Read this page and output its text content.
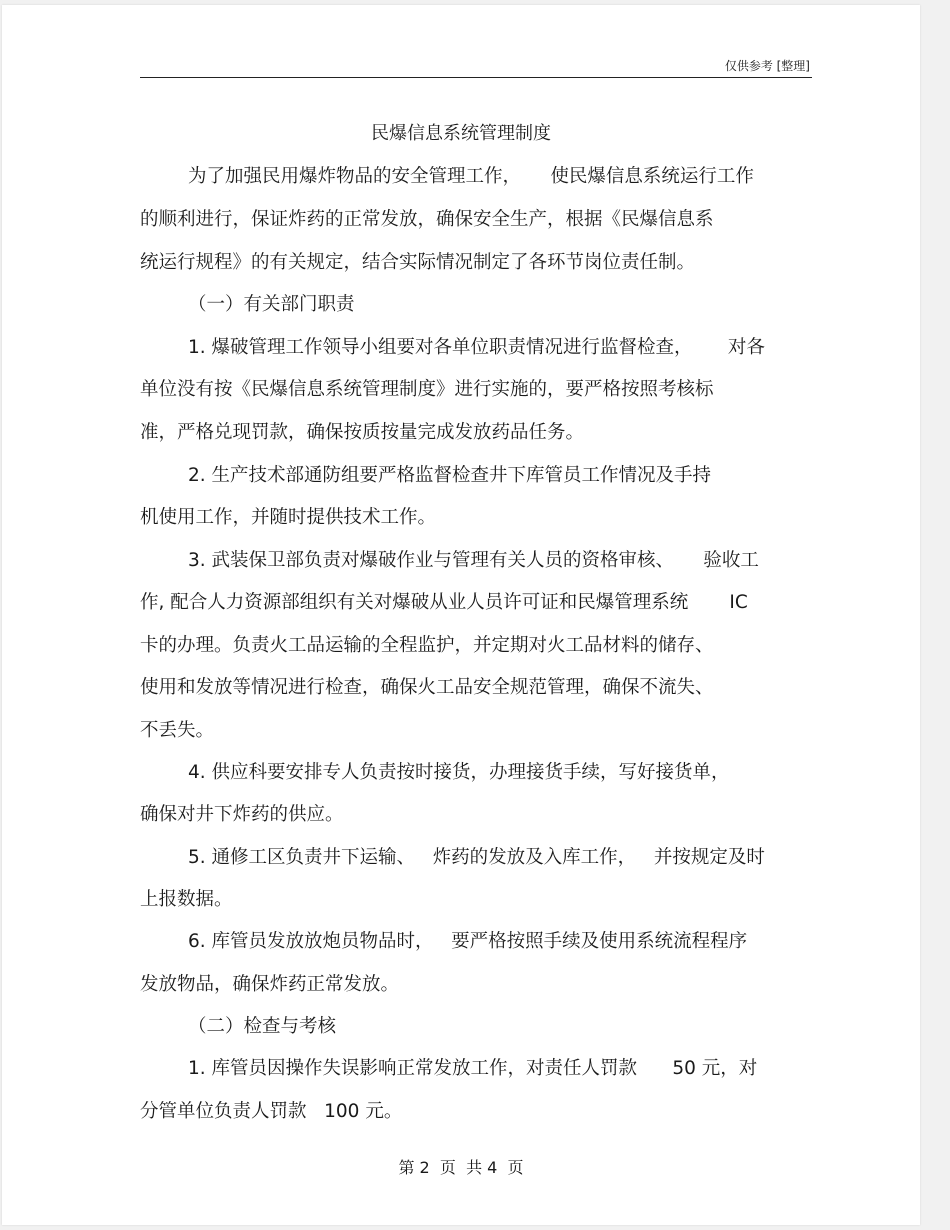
仅供参考 [整理]
民爆信息系统管理制度
为了加强民用爆炸物品的安全管理工作，     使民爆信息系统运行工作
的顺利进行，保证炸药的正常发放，确保安全生产，根据《民爆信息系
统运行规程》的有关规定，结合实际情况制定了各环节岗位责任制。
（一）有关部门职责
1. 爆破管理工作领导小组要对各单位职责情况进行监督检查，      对各
单位没有按《民爆信息系统管理制度》进行实施的，要严格按照考核标
准，严格兑现罚款，确保按质按量完成发放药品任务。
2. 生产技术部通防组要严格监督检查井下库管员工作情况及手持
机使用工作，并随时提供技术工作。
3. 武装保卫部负责对爆破作业与管理有关人员的资格审核、     验收工
作, 配合人力资源部组织有关对爆破从业人员许可证和民爆管理系统       IC
卡的办理。负责火工品运输的全程监护，并定期对火工品材料的储存、
使用和发放等情况进行检查，确保火工品安全规范管理，确保不流失、
不丢失。
4. 供应科要安排专人负责按时接货，办理接货手续，写好接货单，
确保对井下炸药的供应。
5. 通修工区负责井下运输、   炸药的发放及入库工作，   并按规定及时
上报数据。
6. 库管员发放放炮员物品时，   要严格按照手续及使用系统流程程序
发放物品，确保炸药正常发放。
（二）检查与考核
1. 库管员因操作失误影响正常发放工作，对责任人罚款      50 元，对
分管单位负责人罚款   100 元。
第 2  页  共 4  页
